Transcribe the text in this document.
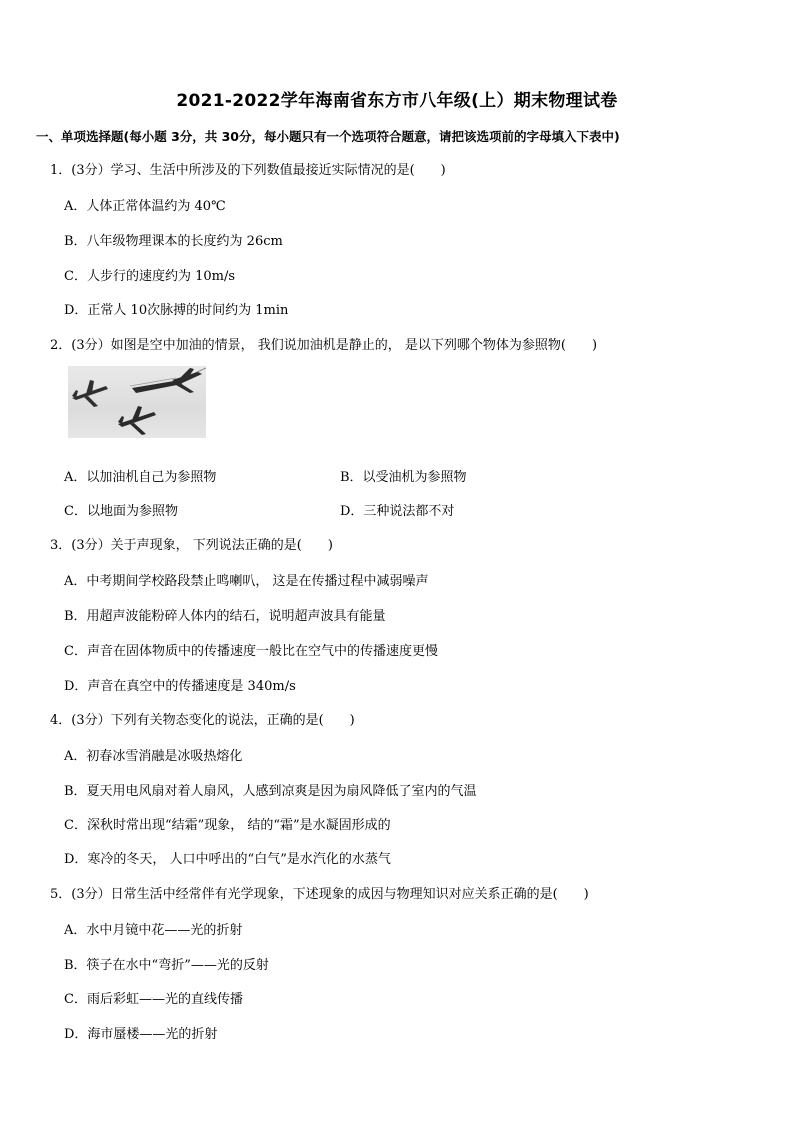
2021-2022学年海南省东方市八年级(上）期末物理试卷
一、单项选择题(每小题 3分，共 30分，每小题只有一个选项符合题意，请把该选项前的字母填入下表中)
1．(3分）学习、生活中所涉及的下列数值最接近实际情况的是(　　)
A．人体正常体温约为 40℃
B．八年级物理课本的长度约为 26cm
C．人步行的速度约为 10m/s
D．正常人 10次脉搏的时间约为 1min
2．(3分）如图是空中加油的情景， 我们说加油机是静止的， 是以下列哪个物体为参照物(　　)
A．以加油机自己为参照物	B．以受油机为参照物
C．以地面为参照物	D．三种说法都不对
3．(3分）关于声现象， 下列说法正确的是(　　)
A．中考期间学校路段禁止鸣喇叭， 这是在传播过程中减弱噪声
B．用超声波能粉碎人体内的结石，说明超声波具有能量
C．声音在固体物质中的传播速度一般比在空气中的传播速度更慢
D．声音在真空中的传播速度是 340m/s
4．(3分）下列有关物态变化的说法，正确的是(　　)
A．初春冰雪消融是冰吸热熔化
B．夏天用电风扇对着人扇风，人感到凉爽是因为扇风降低了室内的气温
C．深秋时常出现“结霜”现象， 结的“霜”是水凝固形成的
D．寒冷的冬天， 人口中呼出的“白气”是水汽化的水蒸气
5．(3分）日常生活中经常伴有光学现象，下述现象的成因与物理知识对应关系正确的是(　　)
A．水中月镜中花——光的折射
B．筷子在水中“弯折”——光的反射
C．雨后彩虹——光的直线传播
D．海市蜃楼——光的折射
